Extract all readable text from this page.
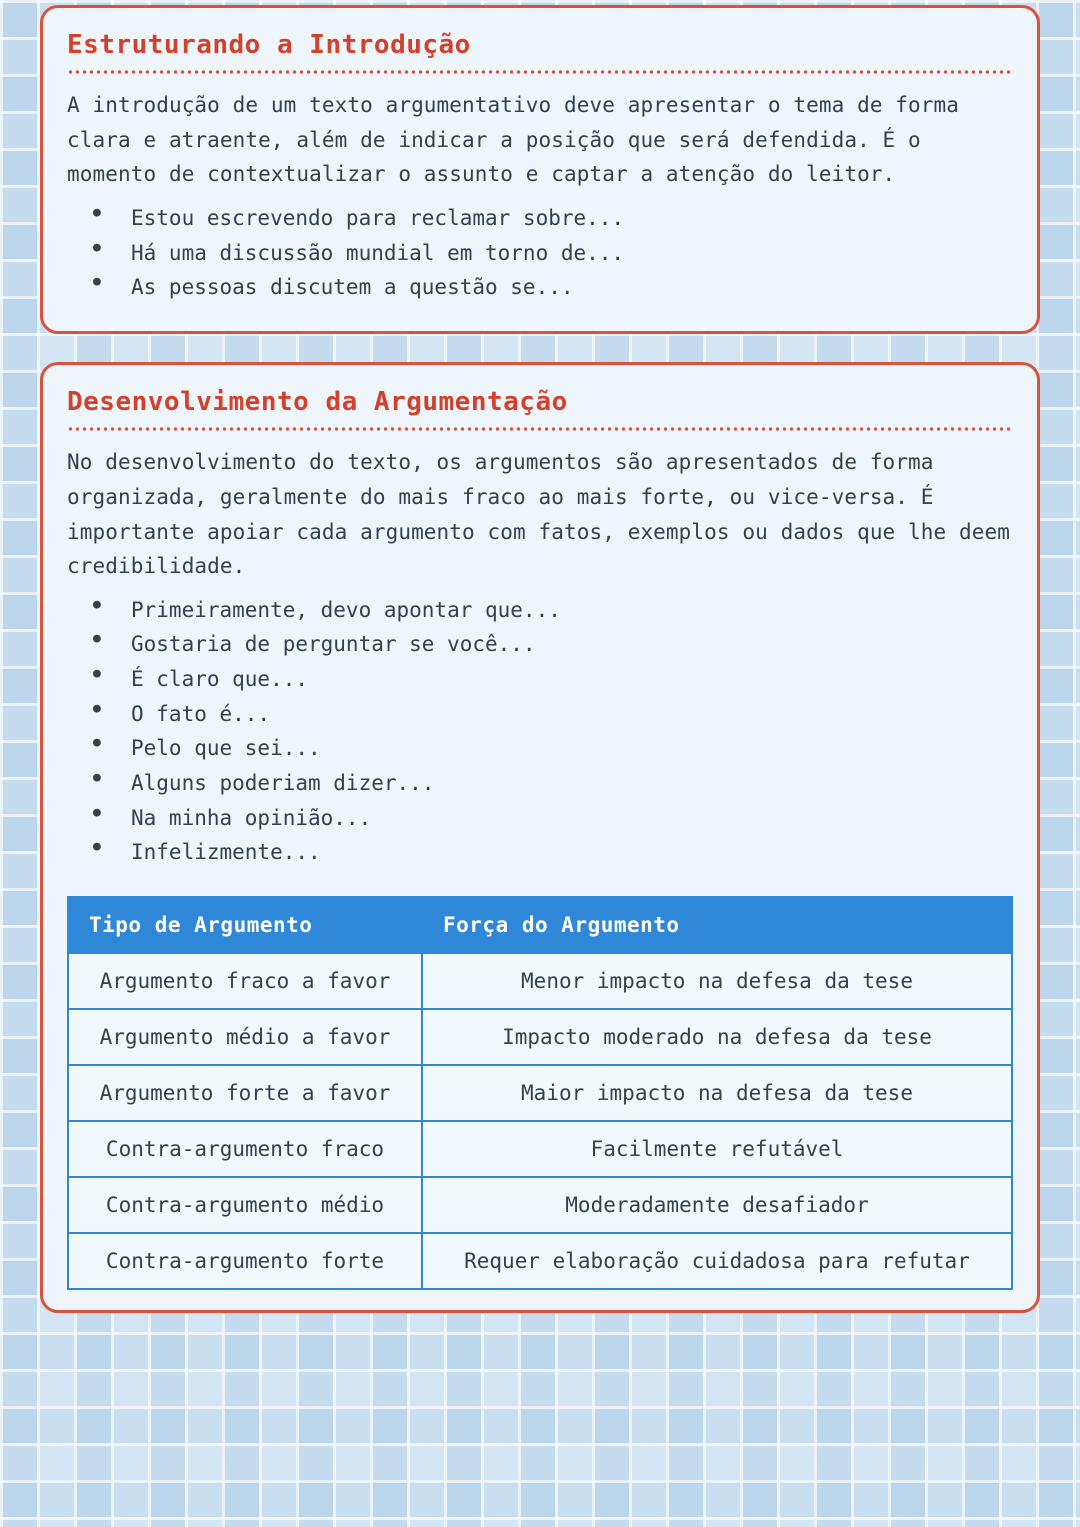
Estruturando a Introdução

A introdução de um texto argumentativo deve apresentar o tema de forma clara e atraente, além de indicar a posição que será defendida. É o momento de contextualizar o assunto e captar a atenção do leitor.

● Estou escrevendo para reclamar sobre...
● Há uma discussão mundial em torno de...
● As pessoas discutem a questão se...
Desenvolvimento da Argumentação

No desenvolvimento do texto, os argumentos são apresentados de forma organizada, geralmente do mais fraco ao mais forte, ou vice-versa. É importante apoiar cada argumento com fatos, exemplos ou dados que lhe deem credibilidade.

● Primeiramente, devo apontar que...
● Gostaria de perguntar se você...
● É claro que...
● O fato é...
● Pelo que sei...
● Alguns poderiam dizer...
● Na minha opinião...
● Infelizmente...
Tipo de Argumento	Força do Argumento
Argumento fraco a favor	Menor impacto na defesa da tese
Argumento médio a favor	Impacto moderado na defesa da tese
Argumento forte a favor	Maior impacto na defesa da tese
Contra-argumento fraco	Facilmente refutável
Contra-argumento médio	Moderadamente desafiador
Contra-argumento forte	Requer elaboração cuidadosa para refutar
